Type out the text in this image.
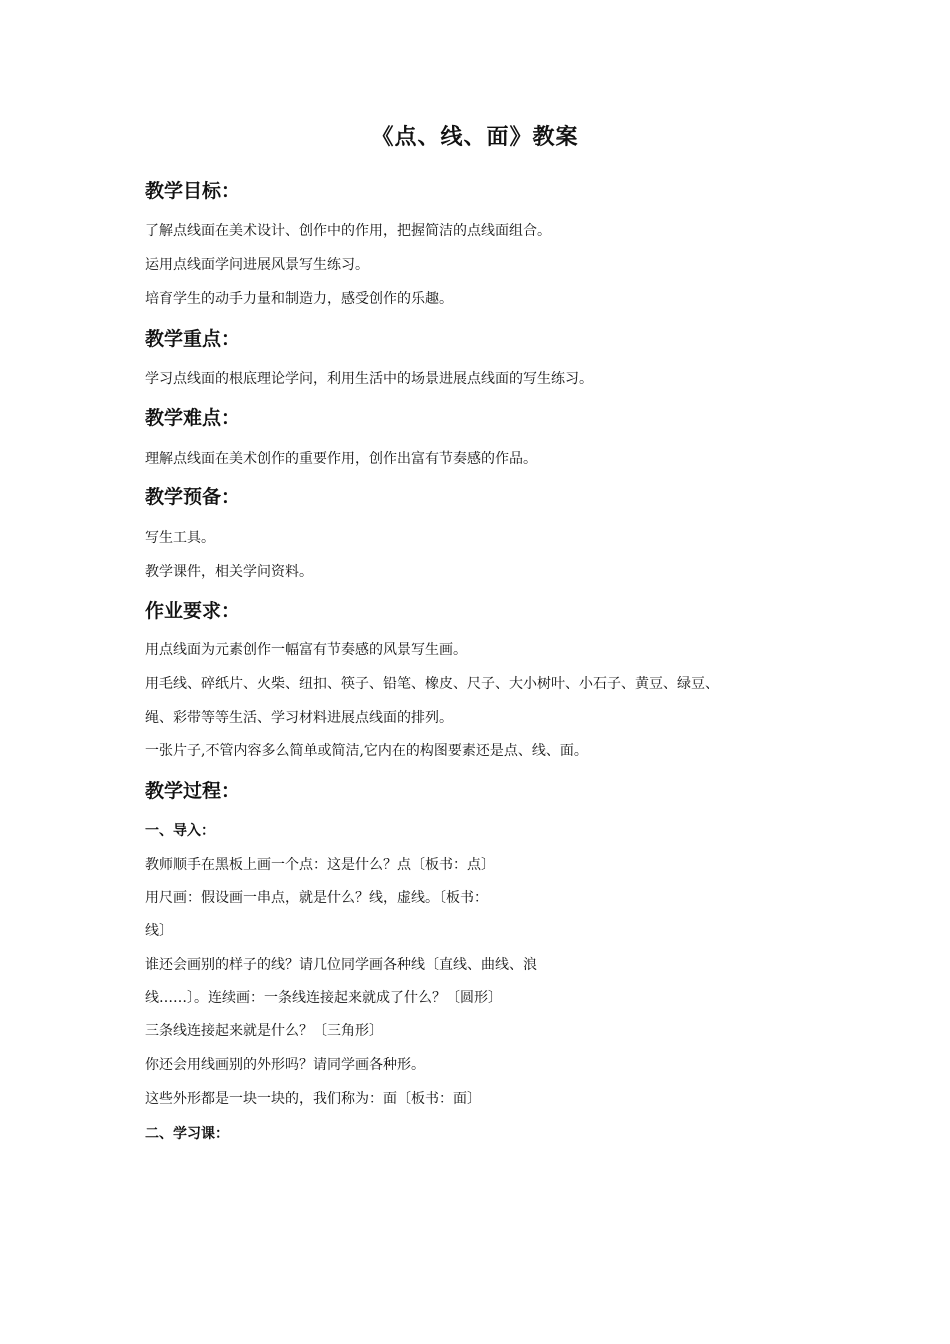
《点、线、面》教案
教学目标：
了解点线面在美术设计、创作中的作用，把握简洁的点线面组合。
运用点线面学问进展风景写生练习。
培育学生的动手力量和制造力，感受创作的乐趣。
教学重点：
学习点线面的根底理论学问，利用生活中的场景进展点线面的写生练习。
教学难点：
理解点线面在美术创作的重要作用，创作出富有节奏感的作品。
教学预备：
写生工具。
教学课件，相关学问资料。
作业要求：
用点线面为元素创作一幅富有节奏感的风景写生画。
用毛线、碎纸片、火柴、纽扣、筷子、铅笔、橡皮、尺子、大小树叶、小石子、黄豆、绿豆、
绳、彩带等等生活、学习材料进展点线面的排列。
一张片子,不管内容多么简单或简洁,它内在的构图要素还是点、线、面。
教学过程：
一、导入：
教师顺手在黑板上画一个点：这是什么？点〔板书：点〕
用尺画：假设画一串点，就是什么？线，虚线。〔板书：
线〕
谁还会画别的样子的线？请几位同学画各种线〔直线、曲线、浪
线……〕。连续画：一条线连接起来就成了什么？〔圆形〕
三条线连接起来就是什么？〔三角形〕
你还会用线画别的外形吗？请同学画各种形。
这些外形都是一块一块的，我们称为：面〔板书：面〕
二、学习课：
